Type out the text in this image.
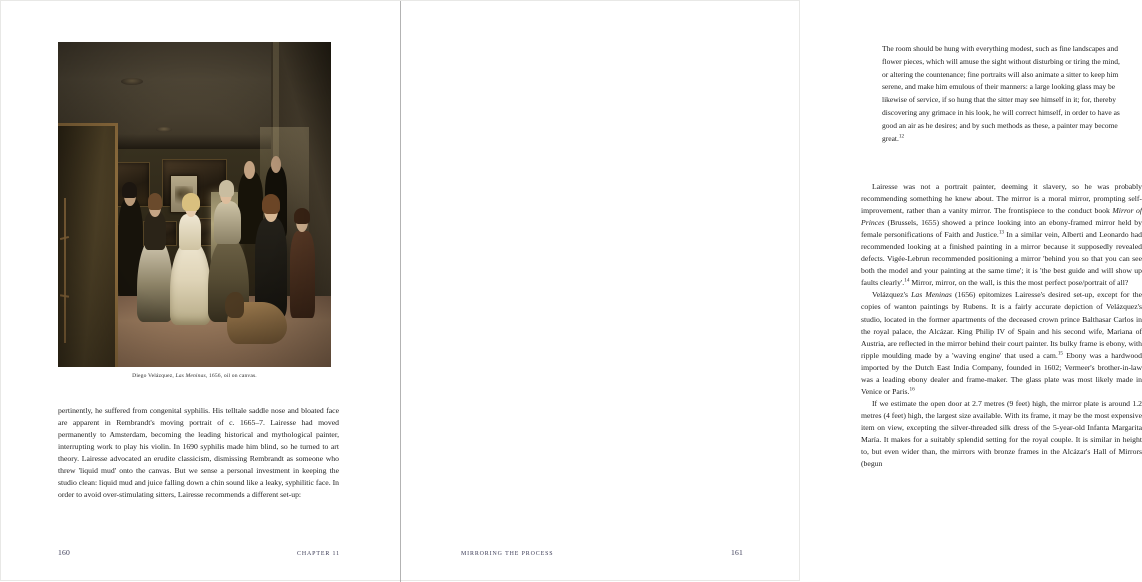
Diego Velázquez, Las Meninas, 1656, oil on canvas.

pertinently, he suffered from congenital syphilis. His telltale saddle nose and bloated face are apparent in Rembrandt's moving portrait of c. 1665–7. Lairesse had moved permanently to Amsterdam, becoming the leading historical and mythological painter, interrupting work to play his violin. In 1690 syphilis made him blind, so he turned to art theory. Lairesse advocated an erudite classicism, dismissing Rembrandt as someone who threw 'liquid mud' onto the canvas. But we sense a personal investment in keeping the studio clean: liquid mud and juice falling down a chin sound like a leaky, syphilitic face. In order to avoid over-stimulating sitters, Lairesse recommends a different set-up:

160	CHAPTER 11

The room should be hung with everything modest, such as fine landscapes and flower pieces, which will amuse the sight without disturbing or tiring the mind, or altering the countenance; fine portraits will also animate a sitter to keep him serene, and make him emulous of their manners: a large looking glass may be likewise of service, if so hung that the sitter may see himself in it; for, thereby discovering any grimace in his look, he will correct himself, in order to have as good an air as he desires; and by such methods as these, a painter may become great.$^{12}$

Lairesse was not a portrait painter, deeming it slavery, so he was probably recommending something he knew about. The mirror is a moral mirror, prompting self-improvement, rather than a vanity mirror. The frontispiece to the conduct book Mirror of Princes (Brussels, 1655) showed a prince looking into an ebony-framed mirror held by female personifications of Faith and Justice.$^{13}$ In a similar vein, Alberti and Leonardo had recommended looking at a finished painting in a mirror because it supposedly revealed defects. Vigée-Lebrun recommended positioning a mirror 'behind you so that you can see both the model and your painting at the same time'; it is 'the best guide and will show up faults clearly'.$^{14}$ Mirror, mirror, on the wall, is this the most perfect pose/portrait of all?

Velázquez's Las Meninas (1656) epitomizes Lairesse's desired set-up, except for the copies of wanton paintings by Rubens. It is a fairly accurate depiction of Velázquez's studio, located in the former apartments of the deceased crown prince Balthasar Carlos in the royal palace, the Alcázar. King Philip IV of Spain and his second wife, Mariana of Austria, are reflected in the mirror behind their court painter. Its bulky frame is ebony, with ripple moulding made by a 'waving engine' that used a cam.$^{15}$ Ebony was a hardwood imported by the Dutch East India Company, founded in 1602; Vermeer's brother-in-law was a leading ebony dealer and frame-maker. The glass plate was most likely made in Venice or Paris.$^{16}$

If we estimate the open door at 2.7 metres (9 feet) high, the mirror plate is around 1.2 metres (4 feet) high, the largest size available. With its frame, it may be the most expensive item on view, excepting the silver-threaded silk dress of the 5-year-old Infanta Margarita María. It makes for a suitably splendid setting for the royal couple. It is similar in height to, but even wider than, the mirrors with bronze frames in the Alcázar's Hall of Mirrors (begun

MIRRORING THE PROCESS	161
